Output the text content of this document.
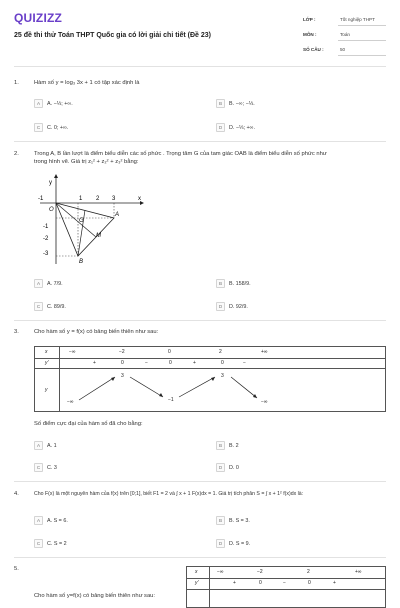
QUIZIZZ
25 đề thi thử Toán THPT Quốc gia có lời giải chi tiết (Đề 23)
LỚP :	Tốt nghiệp THPT
MÔN :	Toán
SỐ CÂU :	50
1.	Hàm số y = log₃ 3x + 1 có tập xác định là
A	A. −⅓; +∞.	B	B. −∞; −⅓.
C	C. 0; +∞.	D	D. −⅓; +∞.
2.	Trong A, B lần lượt là điểm biểu diễn các số phức . Trọng tâm G của tam giác OAB là điểm biểu diễn số phức như
trong hình vẽ. Giá trị z₁² + z₂² + z₃² bằng:
x
y
-1	1 2 3
-1
-2
-3
O
G
A
M
B
A	A. 7/9.	B	B. 158/9.
C	C. 89/9.	D	D. 92/9.
3.	Cho hàm số y = f(x) có bảng biến thiên như sau:
x	−∞	−2	0	2	+∞
y'	+	0	−	0	+	0	−
y
−∞
3
−1
3
−∞
Số điểm cực đại của hàm số đã cho bằng:
A	A. 1	B	B. 2
C	C. 3	D	D. 0
4.	Cho F(x) là một nguyên hàm của f(x) trên [0;1], biết F1 = 2 và ∫ x + 1 F(x)dx = 1. Giá trị tích phân S = ∫ x + 1² f(x)dx là:
A	A. S = 6.	B	B. S = 3.
C	C. S = 2	D	D. S = 9.
5.	x	−∞	−2	2	+∞
y'	+	0	−	0	+
Cho hàm số y=f(x) có bảng biến thiên như sau:
